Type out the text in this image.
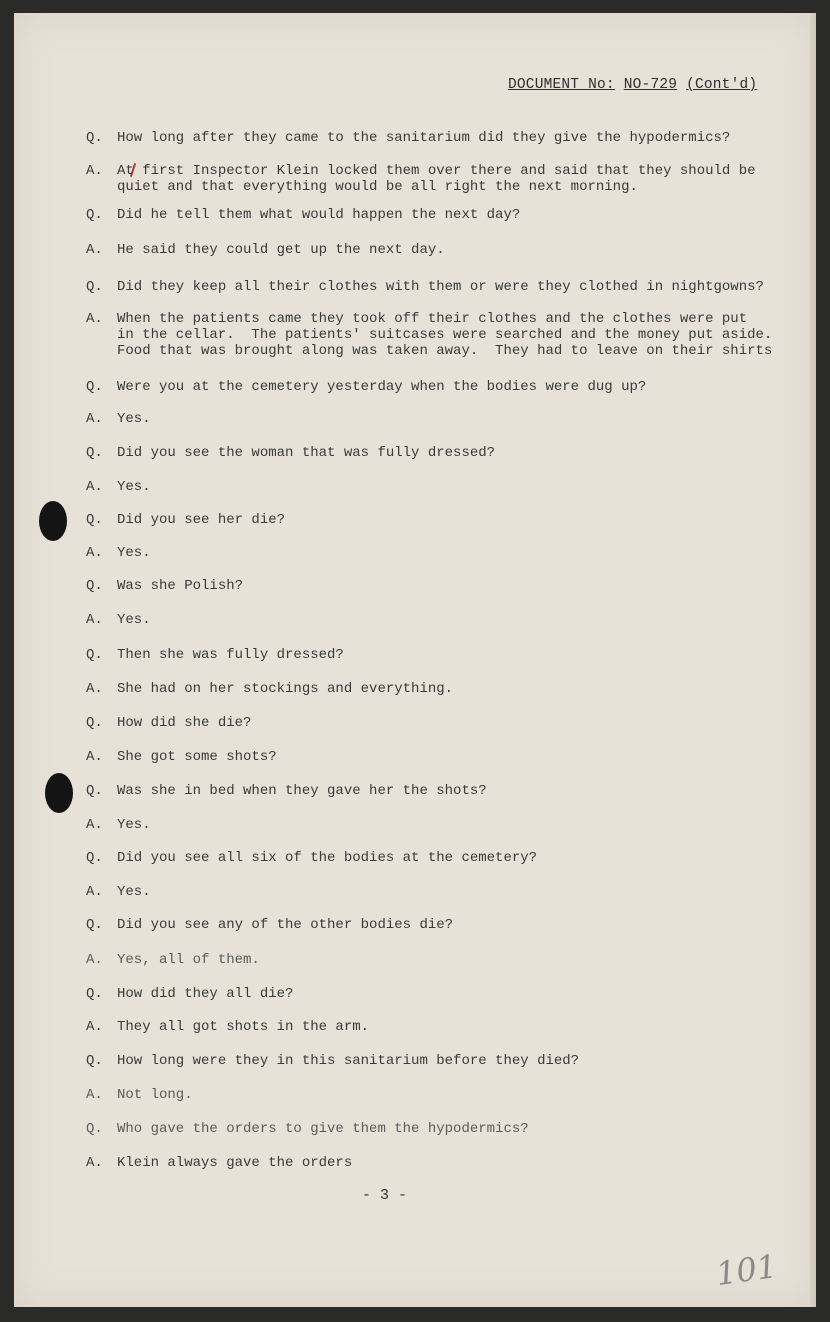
DOCUMENT No: NO-729 (Cont'd)
Q. How long after they came to the sanitarium did they give the hypodermics?
A. At first Inspector Klein locked them over there and said that they should be
quiet and that everything would be all right the next morning.
Q. Did he tell them what would happen the next day?
A. He said they could get up the next day.
Q. Did they keep all their clothes with them or were they clothed in nightgowns?
A. When the patients came they took off their clothes and the clothes were put
in the cellar.  The patients' suitcases were searched and the money put aside.
Food that was brought along was taken away.  They had to leave on their shirts
Q. Were you at the cemetery yesterday when the bodies were dug up?
A. Yes.
Q. Did you see the woman that was fully dressed?
A. Yes.
Q. Did you see her die?
A. Yes.
Q. Was she Polish?
A. Yes.
Q. Then she was fully dressed?
A. She had on her stockings and everything.
Q. How did she die?
A. She got some shots?
Q. Was she in bed when they gave her the shots?
A. Yes.
Q. Did you see all six of the bodies at the cemetery?
A. Yes.
Q. Did you see any of the other bodies die?
A. Yes, all of them.
Q. How did they all die?
A. They all got shots in the arm.
Q. How long were they in this sanitarium before they died?
A. Not long.
Q. Who gave the orders to give them the hypodermics?
A. Klein always gave the orders
- 3 -
101
